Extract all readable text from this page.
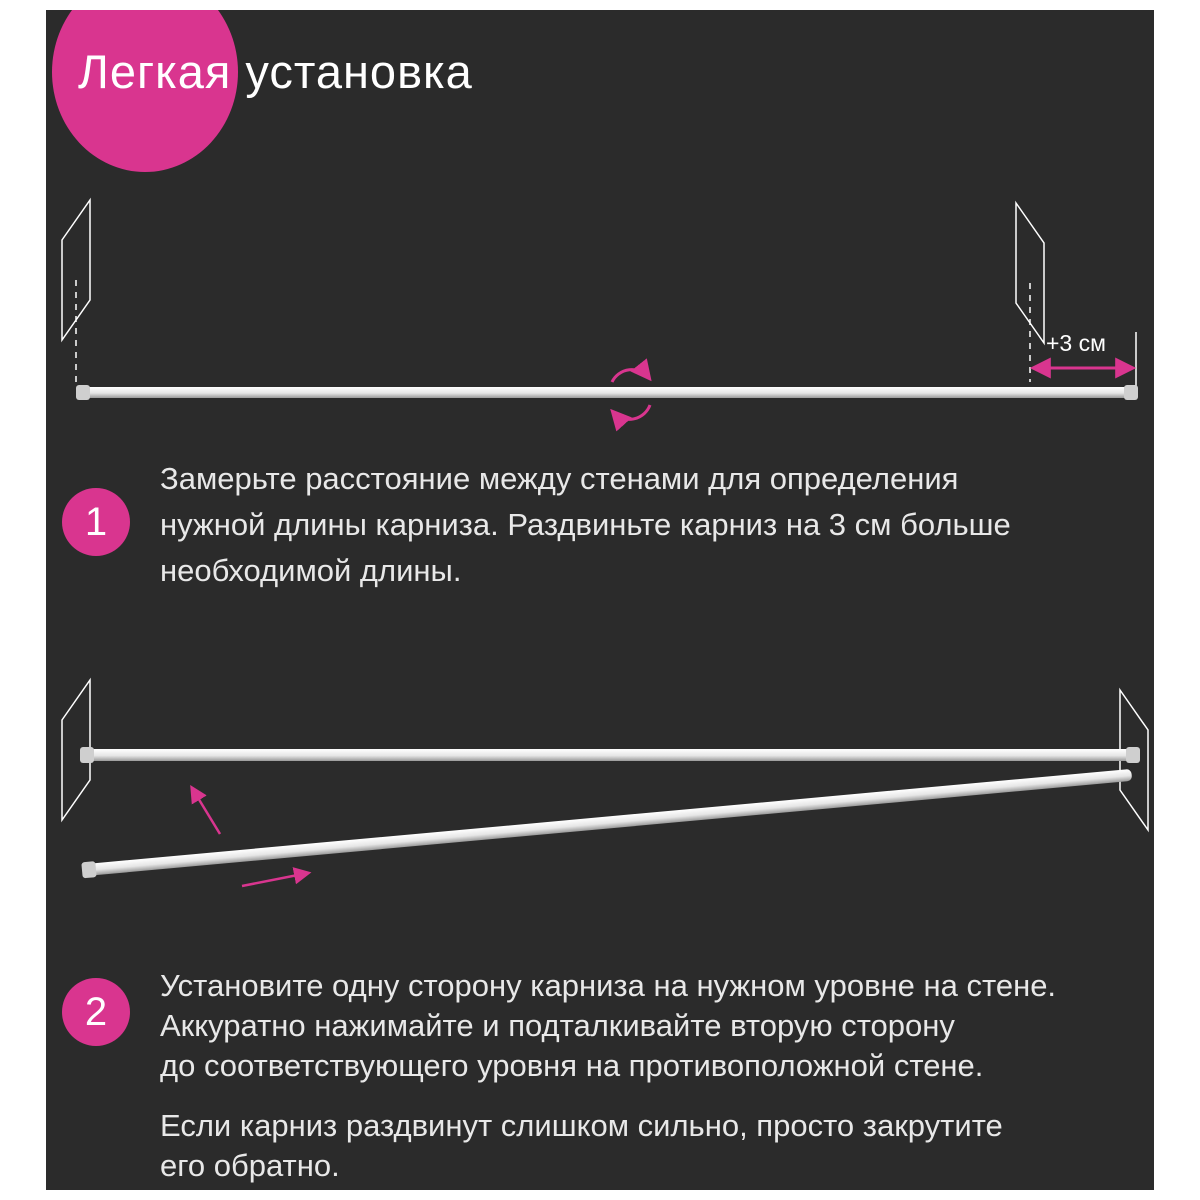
Легкая установка
+3 см
1

Замерьте расстояние между стенами для определения

нужной длины карниза. Раздвиньте карниз на 3 см больше

необходимой длины.

2

Установите одну сторону карниза на нужном уровне на стене.

Аккуратно нажимайте и подталкивайте вторую сторону

до соответствующего уровня на противоположной стене.

Если карниз раздвинут слишком сильно, просто закрутите

его обратно.
